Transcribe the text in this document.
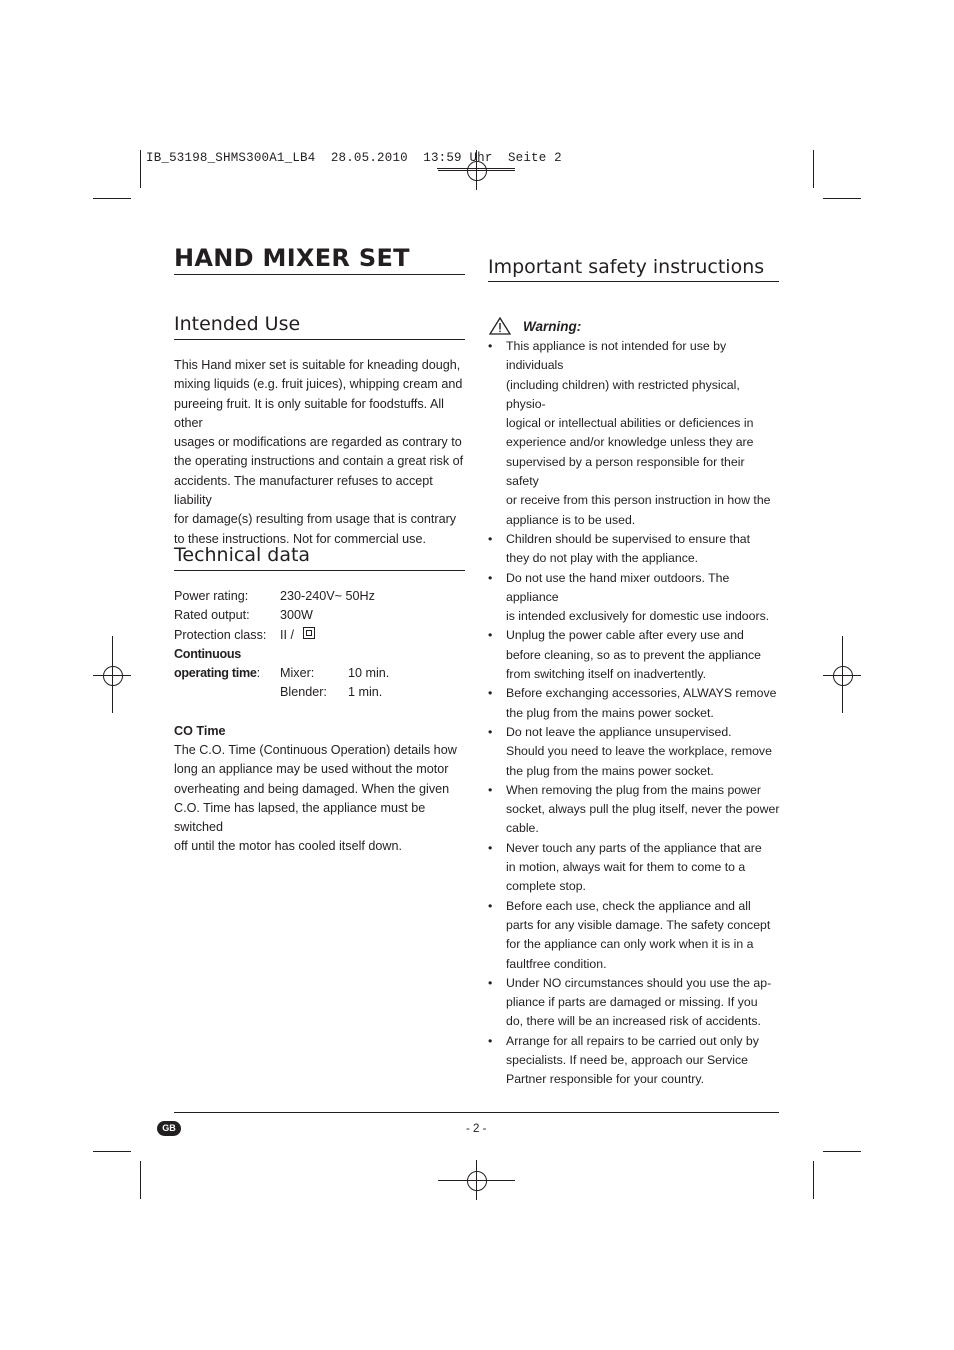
IB_53198_SHMS300A1_LB4  28.05.2010  13:59 Uhr  Seite 2
HAND MIXER SET
Intended Use

This Hand mixer set is suitable for kneading dough,

mixing liquids (e.g. fruit juices), whipping cream and

pureeing fruit. It is only suitable for foodstuffs. All other

usages or modifications are regarded as contrary to

the operating instructions and contain a great risk of

accidents. The manufacturer refuses to accept liability

for damage(s) resulting from usage that is contrary

to these instructions. Not for commercial use.

Technical data
Power rating:	230-240V~ 50Hz
Rated output: 300W
Protection class: II /
Continuous
operating time: Mixer:	10 min.
Blender: 1 min.
CO Time

The C.O. Time (Continuous Operation) details how

long an appliance may be used without the motor

overheating and being damaged. When the given

C.O. Time has lapsed, the appliance must be switched

off until the motor has cooled itself down.

Important safety instructions
Warning:
• This appliance is not intended for use by individuals
(including children) with restricted physical, physio-
logical or intellectual abilities or deficiences in
experience and/or knowledge unless they are
supervised by a person responsible for their safety
or receive from this person instruction in how the
appliance is to be used.
• Children should be supervised to ensure that
they do not play with the appliance.
• Do not use the hand mixer outdoors. The appliance
is intended exclusively for domestic use indoors.
• Unplug the power cable after every use and
before cleaning, so as to prevent the appliance
from switching itself on inadvertently.
• Before exchanging accessories, ALWAYS remove
the plug from the mains power socket.
• Do not leave the appliance unsupervised.
Should you need to leave the workplace, remove
the plug from the mains power socket.
• When removing the plug from the mains power
socket, always pull the plug itself, never the power
cable.
• Never touch any parts of the appliance that are
in motion, always wait for them to come to a
complete stop.
• Before each use, check the appliance and all
parts for any visible damage. The safety concept
for the appliance can only work when it is in a
faultfree condition.
• Under NO circumstances should you use the ap-
pliance if parts are damaged or missing. If you
do, there will be an increased risk of accidents.
• Arrange for all repairs to be carried out only by
specialists. If need be, approach our Service
Partner responsible for your country.
GB	- 2 -
